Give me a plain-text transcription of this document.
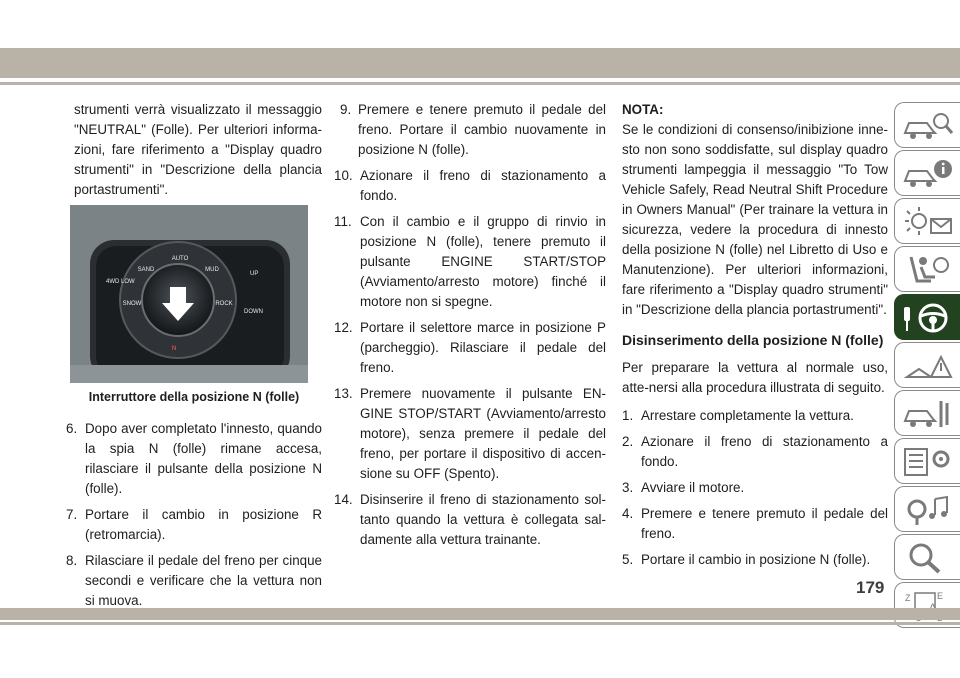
strumenti verrà visualizzato il messaggio "NEUTRAL" (Folle). Per ulteriori informa-zioni, fare riferimento a "Display quadro strumenti" in "Descrizione della plancia portastrumenti".

AUTO
SAND	MUD
4WD LOW
SNOW	ROCK
UP
DOWN
N
Interruttore della posizione N (folle)
6. Dopo aver completato l'innesto, quando la spia N (folle) rimane accesa, rilasciare il pulsante della posizione N (folle).
7. Portare il cambio in posizione R (retromarcia).
8. Rilasciare il pedale del freno per cinque secondi e verificare che la vettura non si muova.
9. Premere e tenere premuto il pedale del freno. Portare il cambio nuovamente in posizione N (folle).
10. Azionare il freno di stazionamento a fondo.
11. Con il cambio e il gruppo di rinvio in posizione N (folle), tenere premuto il pulsante ENGINE START/STOP (Avviamento/arresto motore) finché il motore non si spegne.
12. Portare il selettore marce in posizione P (parcheggio). Rilasciare il pedale del freno.
13. Premere nuovamente il pulsante EN-GINE STOP/START (Avviamento/arresto motore), senza premere il pedale del freno, per portare il dispositivo di accen-sione su OFF (Spento).
14. Disinserire il freno di stazionamento sol-tanto quando la vettura è collegata sal-damente alla vettura trainante.

NOTA:

Se le condizioni di consenso/inibizione inne-sto non sono soddisfatte, sul display quadro strumenti lampeggia il messaggio "To Tow Vehicle Safely, Read Neutral Shift Procedure in Owners Manual" (Per trainare la vettura in sicurezza, vedere la procedura di innesto della posizione N (folle) nel Libretto di Uso e Manutenzione). Per ulteriori informazioni, fare riferimento a "Display quadro strumenti" in "Descrizione della plancia portastrumenti".

Disinserimento della posizione N (folle)

Per preparare la vettura al normale uso, atte-nersi alla procedura illustrata di seguito.

1. Arrestare completamente la vettura.
2. Azionare il freno di stazionamento a fondo.
3. Avviare il motore.
4. Premere e tenere premuto il pedale del freno.
5. Portare il cambio in posizione N (folle).
Z	E
179
